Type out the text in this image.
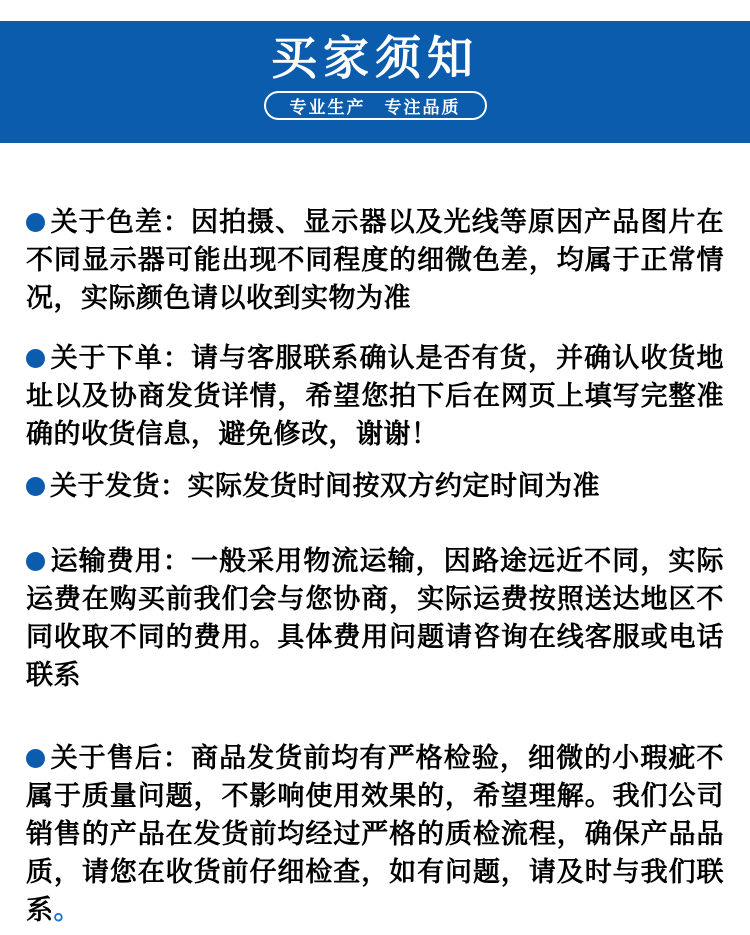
买家须知
专业生产　专注品质

关于色差：因拍摄、显示器以及光线等原因产品图片在不同显示器可能出现不同程度的细微色差，均属于正常情况，实际颜色请以收到实物为准

关于下单：请与客服联系确认是否有货，并确认收货地址以及协商发货详情，希望您拍下后在网页上填写完整准确的收货信息，避免修改，谢谢！

关于发货：实际发货时间按双方约定时间为准

运输费用：一般采用物流运输，因路途远近不同，实际运费在购买前我们会与您协商，实际运费按照送达地区不同收取不同的费用。具体费用问题请咨询在线客服或电话联系

关于售后：商品发货前均有严格检验，细微的小瑕疵不属于质量问题，不影响使用效果的，希望理解。我们公司销售的产品在发货前均经过严格的质检流程，确保产品品质，请您在收货前仔细检查，如有问题，请及时与我们联系。
